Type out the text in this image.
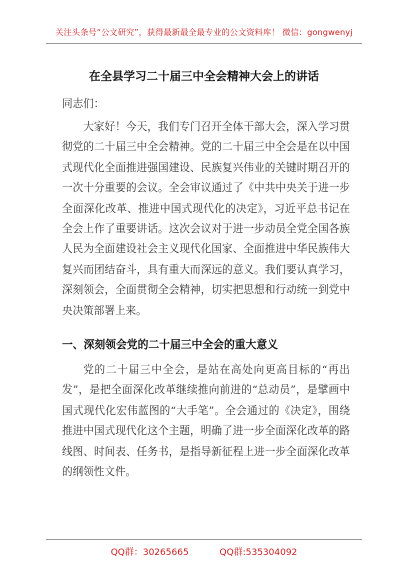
关注头条号“公文研究”，获得最新最全最专业的公文资料库！ 微信：gongwenyj
在全县学习二十届三中全会精神大会上的讲话
同志们：

大家好！今天，我们专门召开全体干部大会，深入学习贯彻党的二十届三中全会精神。党的二十届三中全会是在以中国式现代化全面推进强国建设、民族复兴伟业的关键时期召开的一次十分重要的会议。全会审议通过了《中共中央关于进一步全面深化改革、推进中国式现代化的决定》，习近平总书记在全会上作了重要讲话。这次会议对于进一步动员全党全国各族人民为全面建设社会主义现代化国家、全面推进中华民族伟大复兴而团结奋斗，具有重大而深远的意义。我们要认真学习，深刻领会，全面贯彻全会精神，切实把思想和行动统一到党中央决策部署上来。

一、深刻领会党的二十届三中全会的重大意义

党的二十届三中全会，是站在高处向更高目标的“再出发”，是把全面深化改革继续推向前进的“总动员”，是擘画中国式现代化宏伟蓝图的“大手笔”。全会通过的《决定》，围绕推进中国式现代化这个主题，明确了进一步全面深化改革的路线图、时间表、任务书，是指导新征程上进一步全面深化改革的纲领性文件。

QQ群：30265665	QQ群:535304092
